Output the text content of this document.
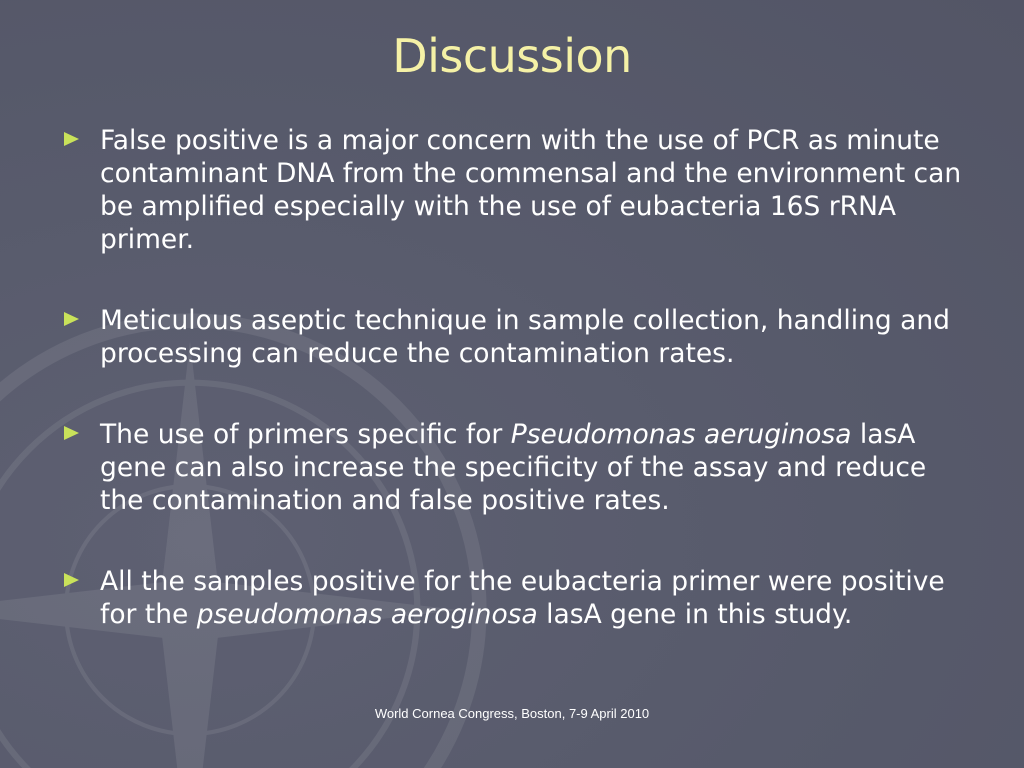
Discussion
False positive is a major concern with the use of PCR as minute contaminant DNA from the commensal and the environment can be amplified especially with the use of eubacteria 16S rRNA primer.
Meticulous aseptic technique in sample collection, handling and processing can reduce the contamination rates.
The use of primers specific for Pseudomonas aeruginosa lasA gene can also increase the specificity of the assay and reduce the contamination and false positive rates.
All the samples positive for the eubacteria primer were positive for the pseudomonas aeroginosa lasA gene in this study.
World Cornea Congress, Boston, 7-9 April 2010
